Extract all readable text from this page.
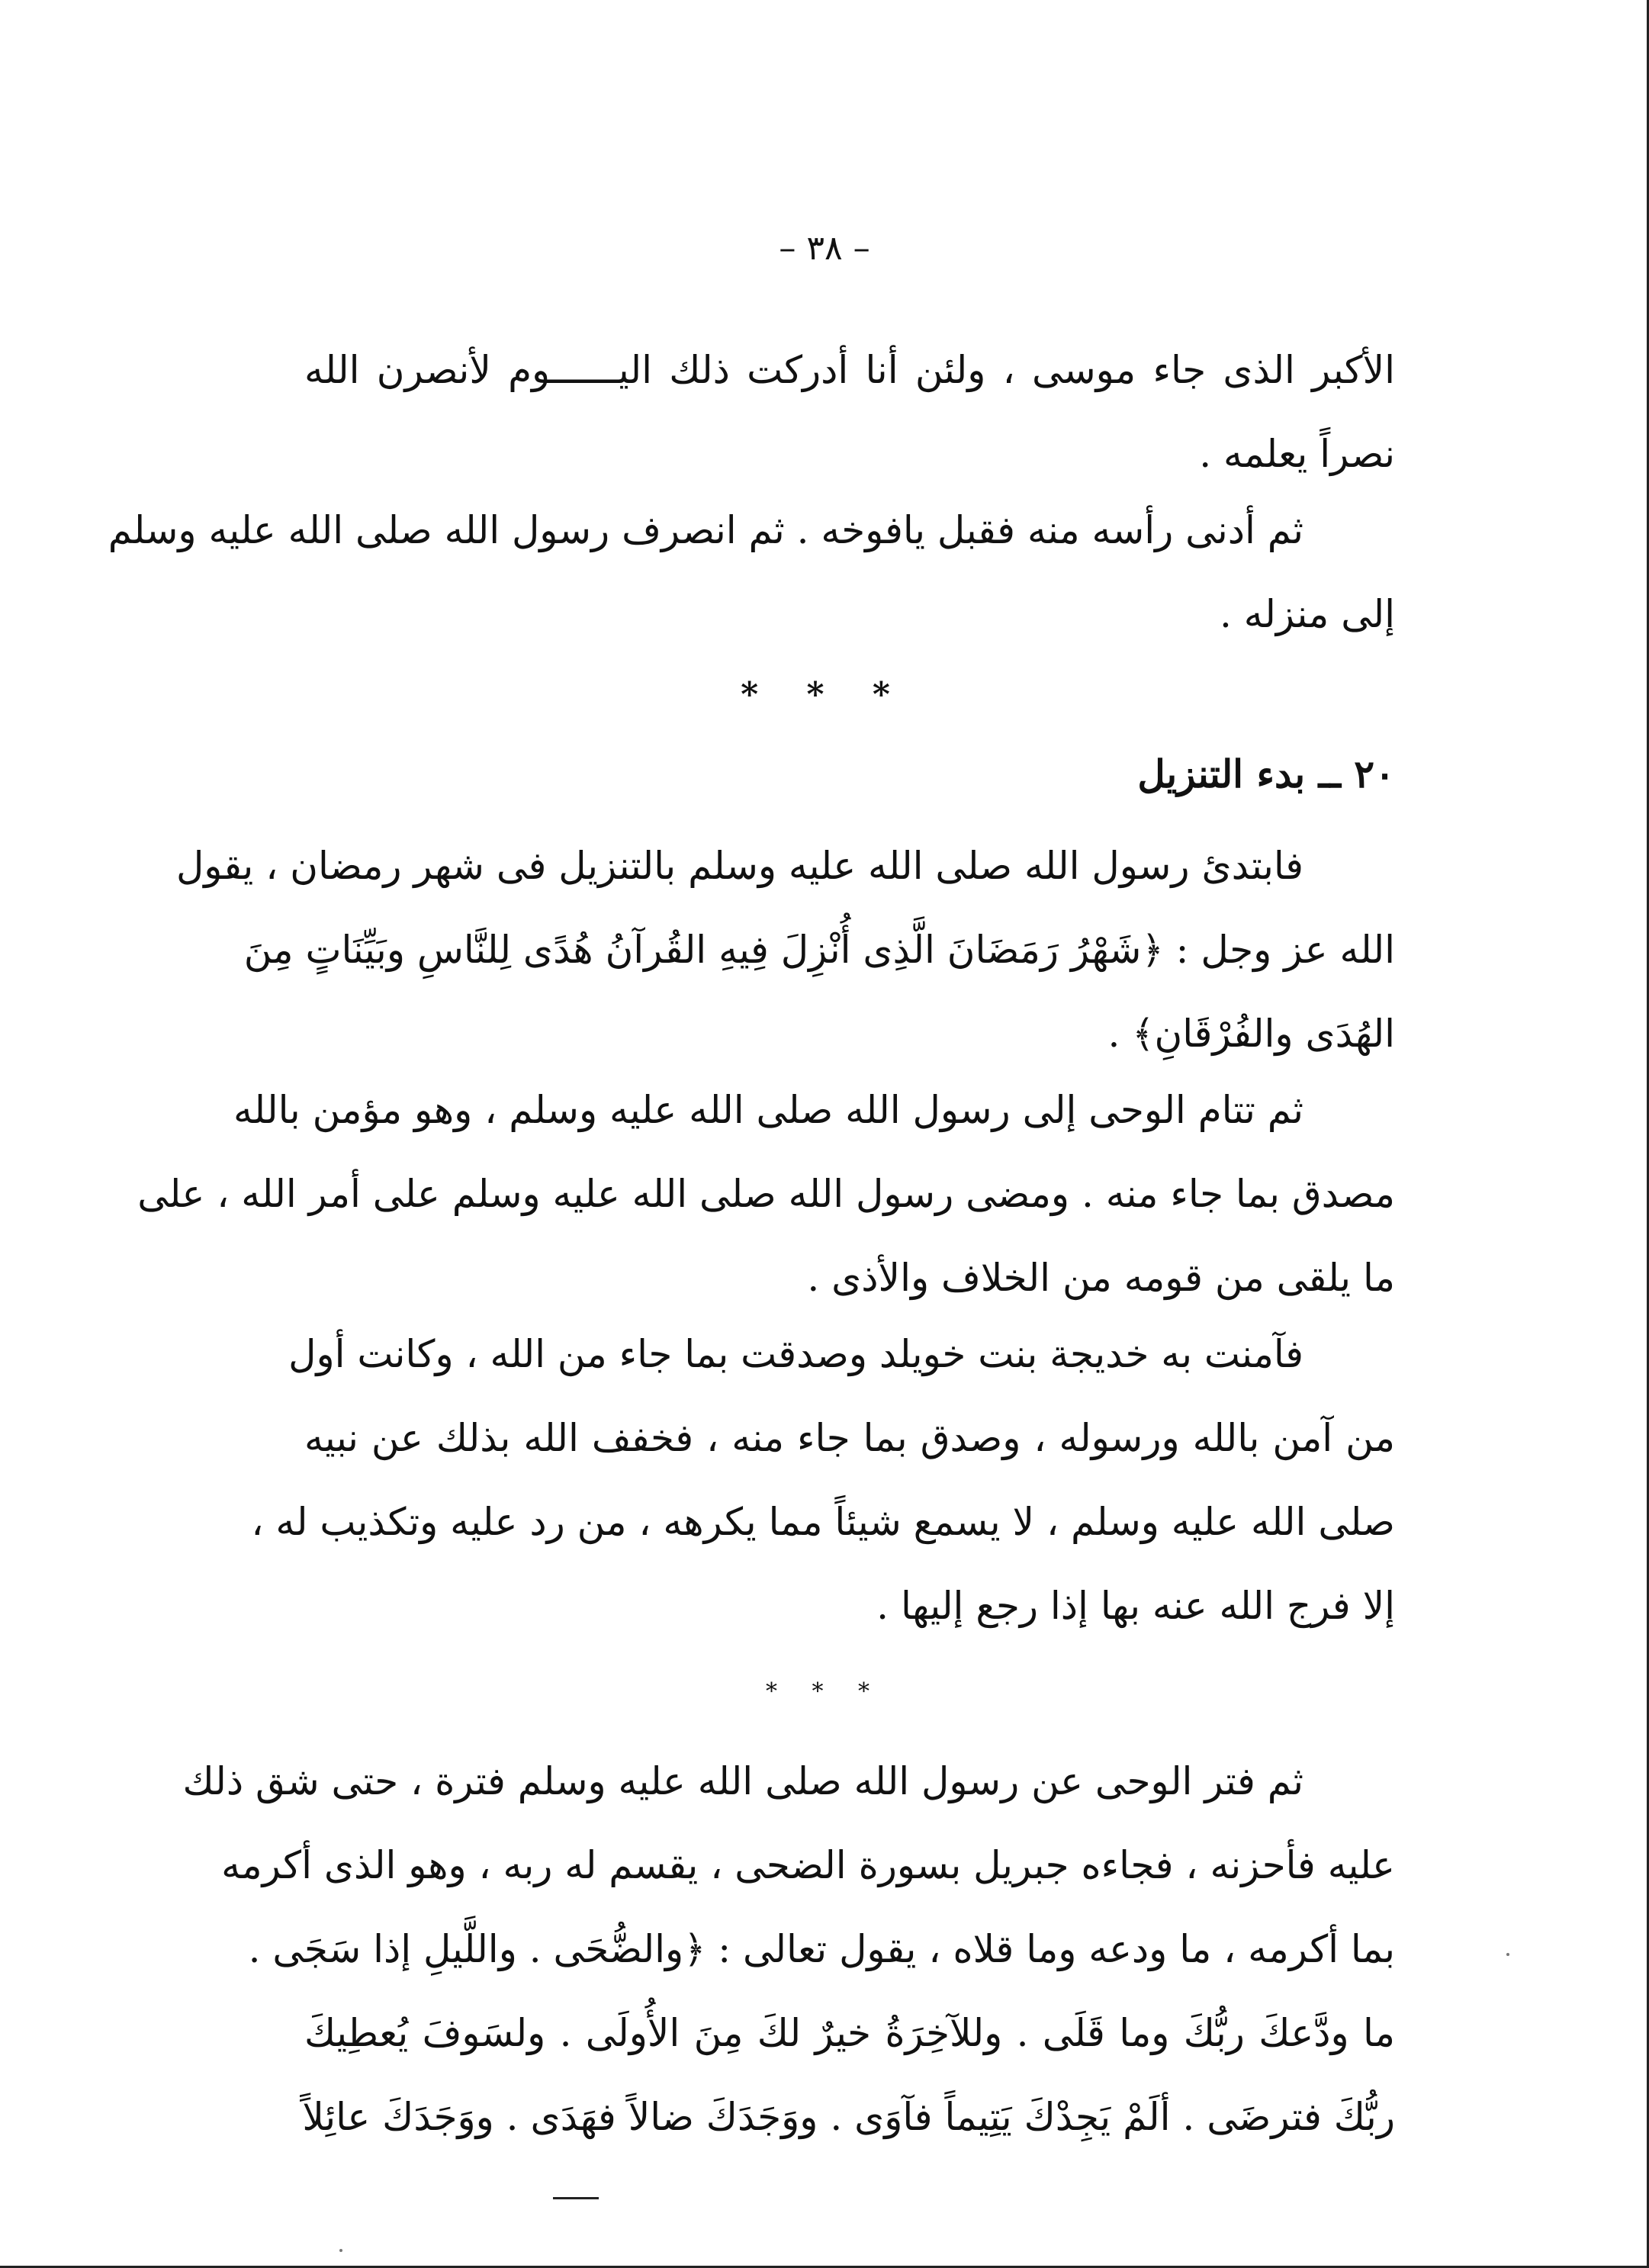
– ٣٨ –
الأكبر الذى جاء موسى ، ولئن أنا أدركت ذلك اليــــــوم لأنصرن الله
نصراً يعلمه .
ثم أدنى رأسه منه فقبل يافوخه . ثم انصرف رسول الله صلى الله عليه وسلم
إلى منزله .
* * *
٢٠ ــ بدء التنزيل
فابتدئ رسول الله صلى الله عليه وسلم بالتنزيل فى شهر رمضان ، يقول
الله عز وجل : ﴿شَهْرُ رَمَضَانَ الَّذِى أُنْزِلَ فِيهِ القُرآنُ هُدًى لِلنَّاسِ وبَيِّنَاتٍ مِنَ
الهُدَى والفُرْقَانِ﴾ .
ثم تتام الوحى إلى رسول الله صلى الله عليه وسلم ، وهو مؤمن بالله
مصدق بما جاء منه . ومضى رسول الله صلى الله عليه وسلم على أمر الله ، على
ما يلقى من قومه من الخلاف والأذى .
فآمنت به خديجة بنت خويلد وصدقت بما جاء من الله ، وكانت أول
من آمن بالله ورسوله ، وصدق بما جاء منه ، فخفف الله بذلك عن نبيه
صلى الله عليه وسلم ، لا يسمع شيئاً مما يكرهه ، من رد عليه وتكذيب له ،
إلا فرج الله عنه بها إذا رجع إليها .
* * *
ثم فتر الوحى عن رسول الله صلى الله عليه وسلم فترة ، حتى شق ذلك
عليه فأحزنه ، فجاءه جبريل بسورة الضحى ، يقسم له ربه ، وهو الذى أكرمه
بما أكرمه ، ما ودعه وما قلاه ، يقول تعالى : ﴿والضُّحَى . واللَّيلِ إذا سَجَى .
ما ودَّعكَ ربُّكَ وما قَلَى . وللآخِرَةُ خيرٌ لكَ مِنَ الأُولَى . ولسَوفَ يُعطِيكَ
ربُّكَ فترضَى . ألَمْ يَجِدْكَ يَتِيماً فآوَى . ووَجَدَكَ ضالاً فهَدَى . ووَجَدَكَ عائِلاً
